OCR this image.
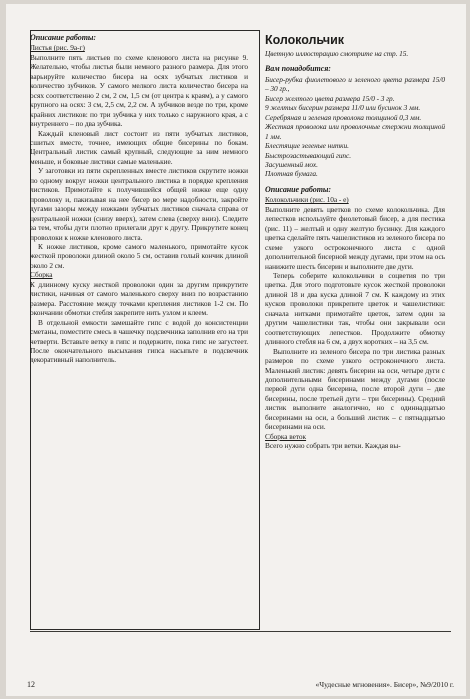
Описание работы:

Листья (рис. 9а-г)

Выполните пять листьев по схеме кленового листа на рисунке 9. Желательно, чтобы листья были немного разного размера. Для этого варьируйте количество бисера на осях зубчатых листиков и количество зубчиков. У самого мелкого листа количество бисера на осях соответственно 2 см, 2 см, 1,5 см (от центра к краям), а у самого крупного на осях: 3 см, 2,5 см, 2,2 см. А зубчиков везде по три, кроме крайних листиков: по три зубчика у них только с наружного края, а с внутреннего – по два зубчика.

Каждый кленовый лист состоит из пяти зубчатых листиков, сшитых вместе, точнее, имеющих общие бисерины по бокам. Центральный листик самый крупный, следующие за ним немного меньше, и боковые листики самые маленькие.

У заготовки из пяти скрепленных вместе листиков скрутите ножки по одному вокруг ножки центрального листика в порядке крепления листиков. Примотайте к получившейся общей ножке еще одну проволоку и, пакизывая на нее бисер во мере надобности, закройте дугами зазоры между ножками зубчатых листиков сначала справа от центральной ножки (снизу вверх), затем слева (сверху вниз). Следите за тем, чтобы дуги плотно прилегали друг к другу. Прикрутите конец проволоки к ножке кленового листа.

К ножке листиков, кроме самого маленького, примотайте кусок жесткой проволоки длиной около 5 см, оставив голый кончик длиной около 2 см.

Сборка

К длинному куску жесткой проволоки один за другим прикрутите листики, начиная от самого маленького сверху вниз по возрастанию размера. Расстояние между точками крепления листиков 1-2 см. По окончании обмотки стебля закрепите нить узлом и клеем.

В отдельной емкости замешайте гипс с водой до консистенции сметаны, поместите смесь в чашечку подсвечника заполнив его на три четверти. Вставьте ветку в гипс и подержите, пока гипс не загустеет. После окончательного высыхания гипса насыпьте в подсвечник декоративный наполнитель.

Колокольчик

Цветную иллюстрацию смотрите на стр. 15.

Вам понадобится:

Бисер-рубка фиолетового и зеленого цвета размера 15/0 – 30 гр.,

Бисер желтого цвета размера 15/0 - 3 гр.

9 желтых бисерин размера 11/0 или бусинок 3 мм.

Серебряная и зеленая проволока толщиной 0,3 мм.

Жесткая проволока или проволочные стержни толщиной 1 мм.

Блестящие зеленые нитки.

Быстрозастывающий гипс.

Засушенный мох.

Плотная бумага.

Описание работы:

Колокольчики (рис. 10а - е)

Выполните девять цветков по схеме колокольчика. Для лепестков используйте фиолетовый бисер, а для пестика (рис. 11) – желтый и одну желтую бусинку. Для каждого цветка сделайте пять чашелистиков из зеленого бисера по схеме узкого остроконечного листа с одной дополнительной бисерной между дугами, при этом на ось нанижите шесть бисерин и выполните две дуги.

Теперь соберите колокольчики в соцветия по три цветка. Для этого подготовьте кусок жесткой проволоки длиной 18 и два куска длиной 7 см. К каждому из этих кусков проволоки прикрепите цветок и чашелистики: сначала нитками примотайте цветок, затем один за другим чашелистики так, чтобы они закрывали оси соответствующих лепестков. Продолжите обмотку длинного стебля на 6 см, а двух коротких – на 3,5 см.

Выполните из зеленого бисера по три листика разных размеров по схеме узкого остроконечного листа. Маленький листик: девять бисерин на оси, четыре дуги с дополнительными бисеринами между дугами (после первой дуги одна бисерина, после второй дуги – две бисерины, после третьей дуги – три бисерины). Средний листик выполните аналогично, но с одиннадцатью бисеринами на оси, а больший листик – с пятнадцатью бисеринами на оси.

Сборка веток

Всего нужно собрать три ветки. Каждая вы-

12	«Чудесные мгновения». Бисер», №9/2010 г.
